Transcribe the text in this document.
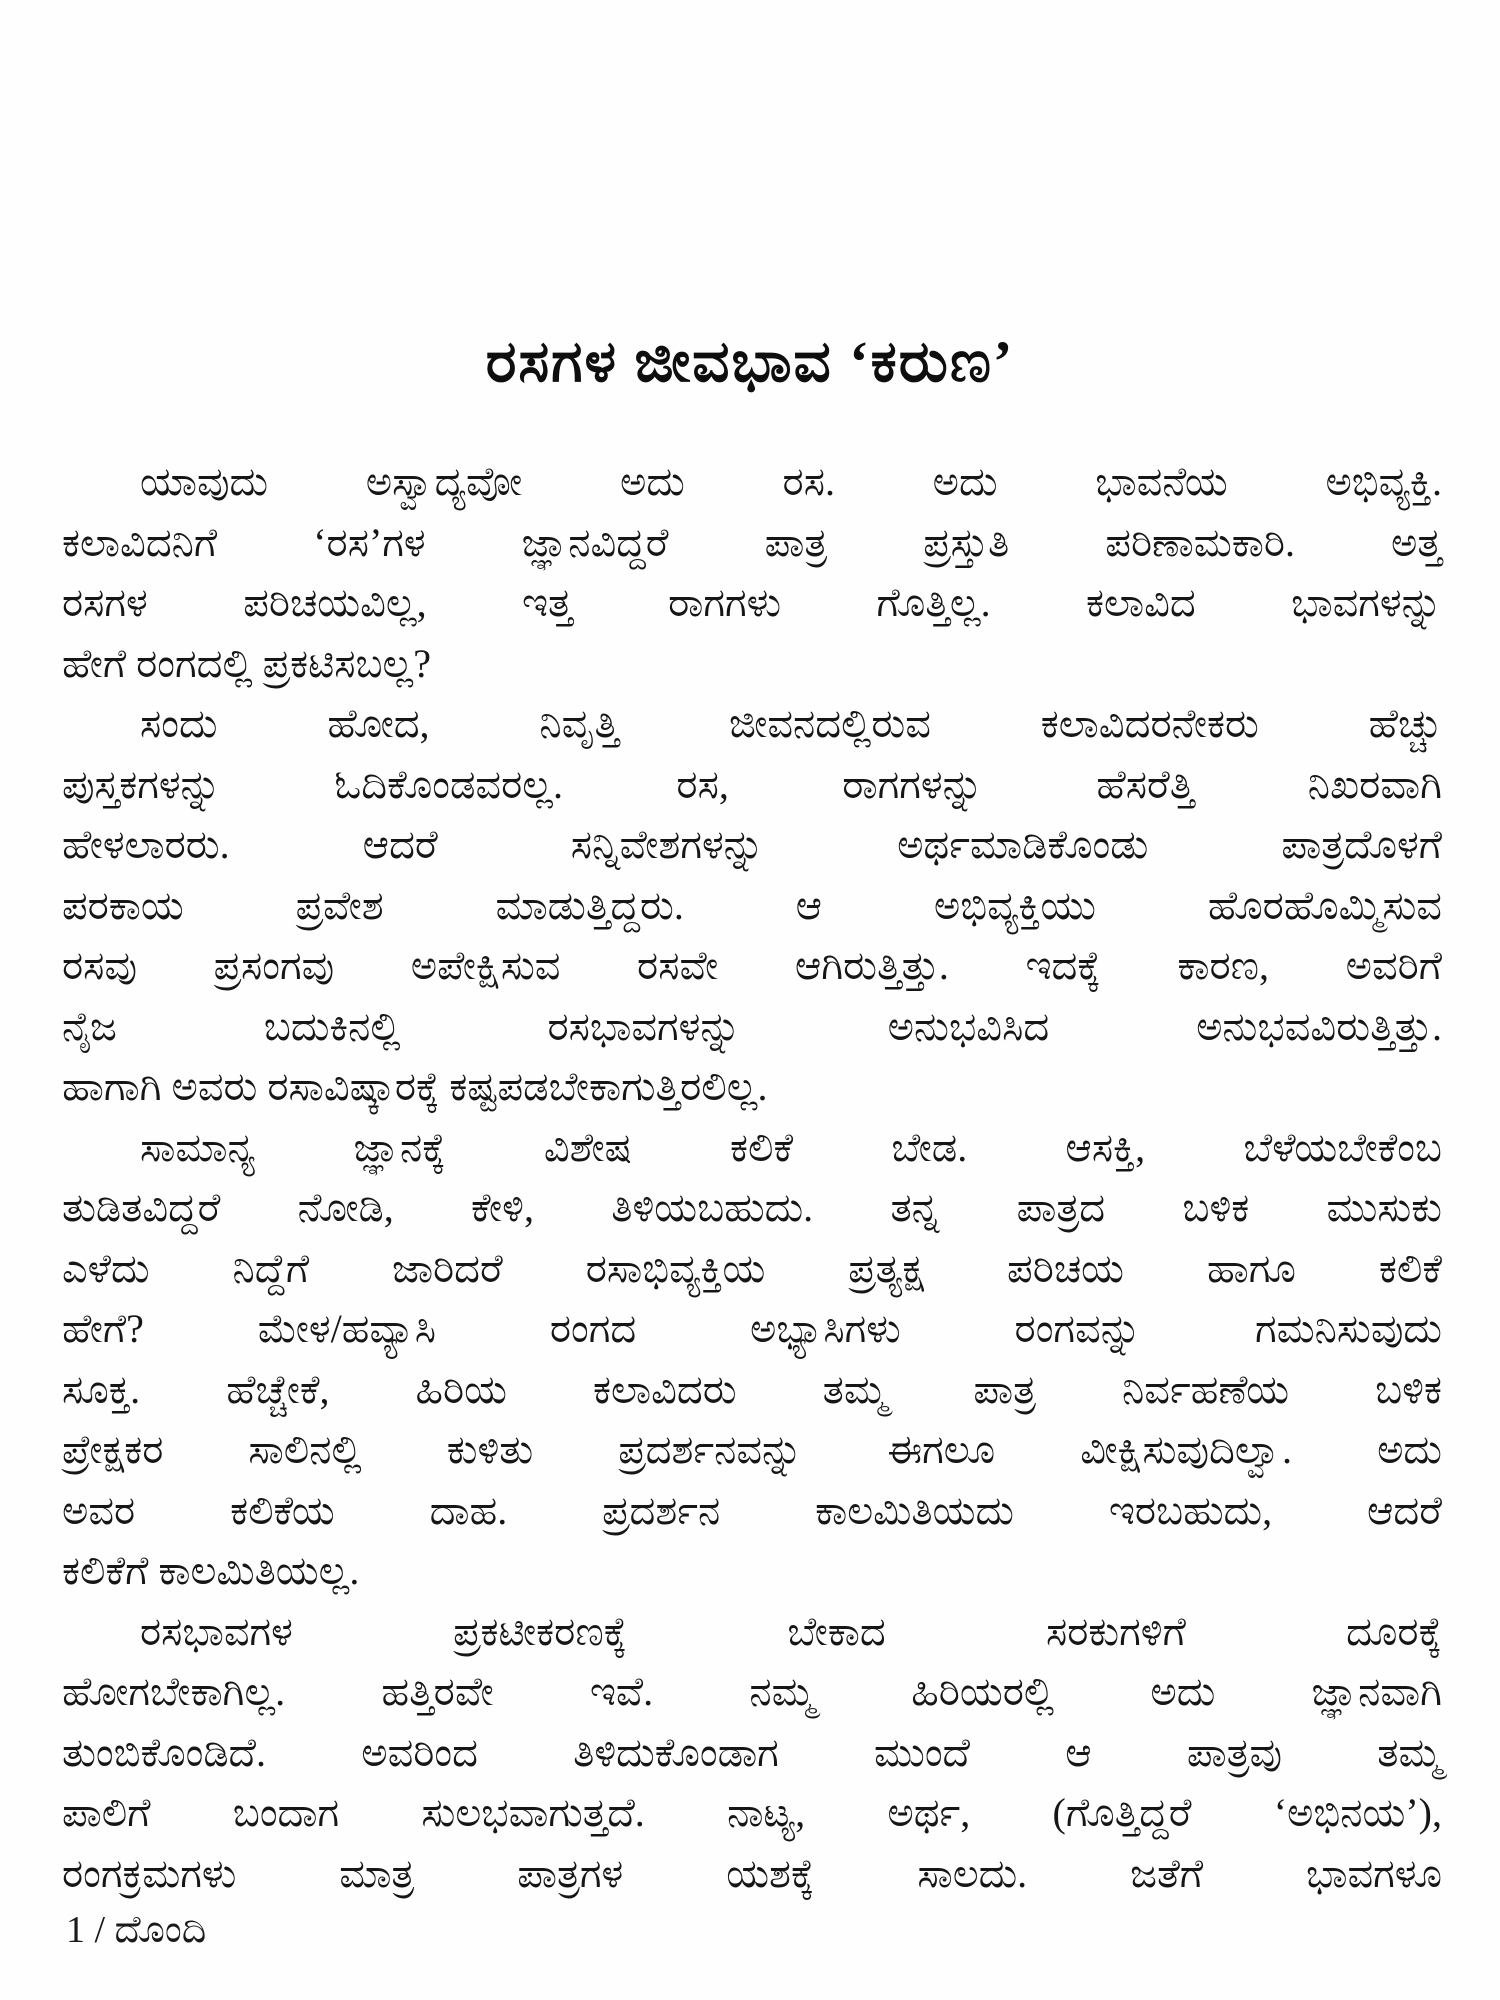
ರಸಗಳ ಜೀವಭಾವ ‘ಕರುಣ’
ಯಾವುದು ಅಸ್ವಾದ್ಯವೋ ಅದು ರಸ. ಅದು ಭಾವನೆಯ ಅಭಿವ್ಯಕ್ತಿ.
ಕಲಾವಿದನಿಗೆ ‘ರಸ’ಗಳ ಜ್ಞಾನವಿದ್ದರೆ ಪಾತ್ರ ಪ್ರಸ್ತುತಿ ಪರಿಣಾಮಕಾರಿ. ಅತ್ತ
ರಸಗಳ ಪರಿಚಯವಿಲ್ಲ, ಇತ್ತ ರಾಗಗಳು ಗೊತ್ತಿಲ್ಲ. ಕಲಾವಿದ ಭಾವಗಳನ್ನು
ಹೇಗೆ ರಂಗದಲ್ಲಿ ಪ್ರಕಟಿಸಬಲ್ಲ?
ಸಂದು ಹೋದ, ನಿವೃತ್ತಿ ಜೀವನದಲ್ಲಿರುವ ಕಲಾವಿದರನೇಕರು ಹೆಚ್ಚು
ಪುಸ್ತಕಗಳನ್ನು ಓದಿಕೊಂಡವರಲ್ಲ. ರಸ, ರಾಗಗಳನ್ನು ಹೆಸರೆತ್ತಿ ನಿಖರವಾಗಿ
ಹೇಳಲಾರರು. ಆದರೆ ಸನ್ನಿವೇಶಗಳನ್ನು ಅರ್ಥಮಾಡಿಕೊಂಡು ಪಾತ್ರದೊಳಗೆ
ಪರಕಾಯ ಪ್ರವೇಶ ಮಾಡುತ್ತಿದ್ದರು. ಆ ಅಭಿವ್ಯಕ್ತಿಯು ಹೊರಹೊಮ್ಮಿಸುವ
ರಸವು ಪ್ರಸಂಗವು ಅಪೇಕ್ಷಿಸುವ ರಸವೇ ಆಗಿರುತ್ತಿತ್ತು. ಇದಕ್ಕೆ ಕಾರಣ, ಅವರಿಗೆ
ನೈಜ ಬದುಕಿನಲ್ಲಿ ರಸಭಾವಗಳನ್ನು ಅನುಭವಿಸಿದ ಅನುಭವವಿರುತ್ತಿತ್ತು.
ಹಾಗಾಗಿ ಅವರು ರಸಾವಿಷ್ಕಾರಕ್ಕೆ ಕಷ್ಟಪಡಬೇಕಾಗುತ್ತಿರಲಿಲ್ಲ.
ಸಾಮಾನ್ಯ ಜ್ಞಾನಕ್ಕೆ ವಿಶೇಷ ಕಲಿಕೆ ಬೇಡ. ಆಸಕ್ತಿ, ಬೆಳೆಯಬೇಕೆಂಬ
ತುಡಿತವಿದ್ದರೆ ನೋಡಿ, ಕೇಳಿ, ತಿಳಿಯಬಹುದು. ತನ್ನ ಪಾತ್ರದ ಬಳಿಕ ಮುಸುಕು
ಎಳೆದು ನಿದ್ದೆಗೆ ಜಾರಿದರೆ ರಸಾಭಿವ್ಯಕ್ತಿಯ ಪ್ರತ್ಯಕ್ಷ ಪರಿಚಯ ಹಾಗೂ ಕಲಿಕೆ
ಹೇಗೆ? ಮೇಳ/ಹವ್ಯಾಸಿ ರಂಗದ ಅಭ್ಯಾಸಿಗಳು ರಂಗವನ್ನು ಗಮನಿಸುವುದು
ಸೂಕ್ತ. ಹೆಚ್ಚೇಕೆ, ಹಿರಿಯ ಕಲಾವಿದರು ತಮ್ಮ ಪಾತ್ರ ನಿರ್ವಹಣೆಯ ಬಳಿಕ
ಪ್ರೇಕ್ಷಕರ ಸಾಲಿನಲ್ಲಿ ಕುಳಿತು ಪ್ರದರ್ಶನವನ್ನು ಈಗಲೂ ವೀಕ್ಷಿಸುವುದಿಲ್ವಾ. ಅದು
ಅವರ ಕಲಿಕೆಯ ದಾಹ. ಪ್ರದರ್ಶನ ಕಾಲಮಿತಿಯದು ಇರಬಹುದು, ಆದರೆ
ಕಲಿಕೆಗೆ ಕಾಲಮಿತಿಯಲ್ಲ.
ರಸಭಾವಗಳ ಪ್ರಕಟೀಕರಣಕ್ಕೆ ಬೇಕಾದ ಸರಕುಗಳಿಗೆ ದೂರಕ್ಕೆ
ಹೋಗಬೇಕಾಗಿಲ್ಲ. ಹತ್ತಿರವೇ ಇವೆ. ನಮ್ಮ ಹಿರಿಯರಲ್ಲಿ ಅದು ಜ್ಞಾನವಾಗಿ
ತುಂಬಿಕೊಂಡಿದೆ. ಅವರಿಂದ ತಿಳಿದುಕೊಂಡಾಗ ಮುಂದೆ ಆ ಪಾತ್ರವು ತಮ್ಮ
ಪಾಲಿಗೆ ಬಂದಾಗ ಸುಲಭವಾಗುತ್ತದೆ. ನಾಟ್ಯ, ಅರ್ಥ, (ಗೊತ್ತಿದ್ದರೆ ‘ಅಭಿನಯ’),
ರಂಗಕ್ರಮಗಳು ಮಾತ್ರ ಪಾತ್ರಗಳ ಯಶಕ್ಕೆ ಸಾಲದು. ಜತೆಗೆ ಭಾವಗಳೂ
1 / ದೊಂದಿ
